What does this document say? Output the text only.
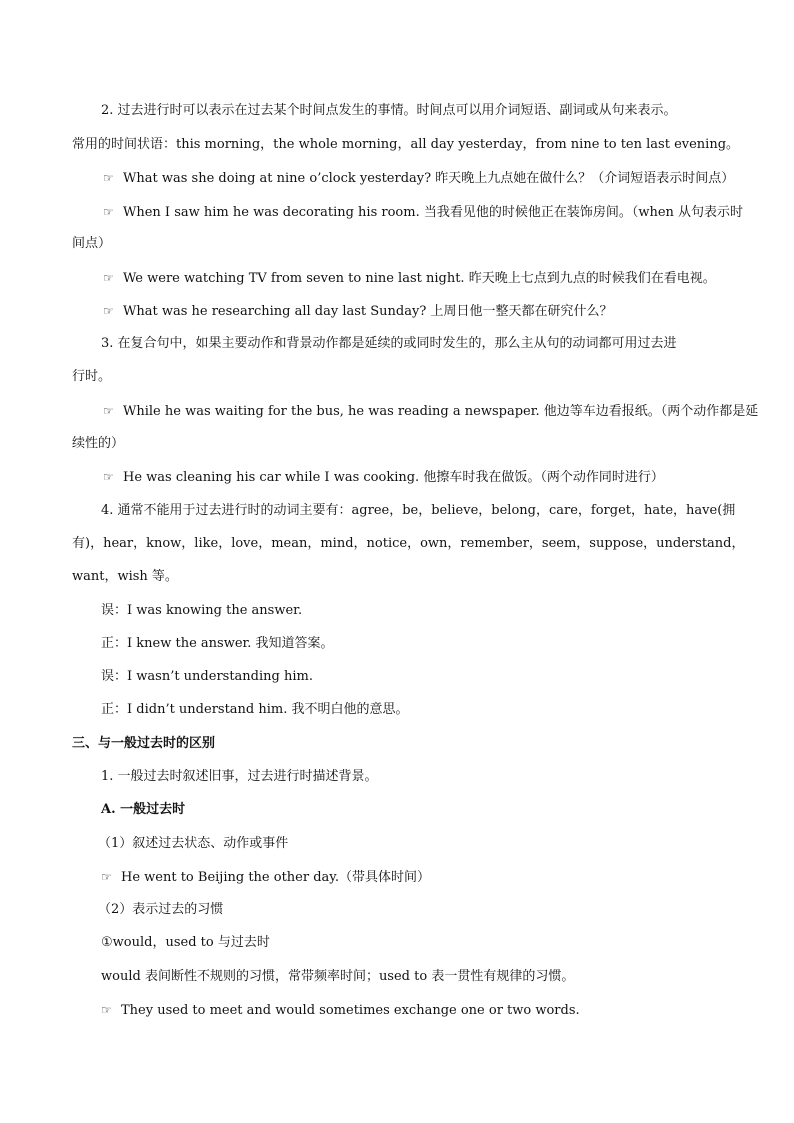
2. 过去进行时可以表示在过去某个时间点发生的事情。时间点可以用介词短语、副词或从句来表示。
常用的时间状语：this morning，the whole morning，all day yesterday，from nine to ten last evening。
☞ What was she doing at nine o’clock yesterday? 昨天晚上九点她在做什么？（介词短语表示时间点）
☞ When I saw him he was decorating his room. 当我看见他的时候他正在装饰房间。（when 从句表示时
间点）
☞ We were watching TV from seven to nine last night. 昨天晚上七点到九点的时候我们在看电视。
☞ What was he researching all day last Sunday? 上周日他一整天都在研究什么？
3. 在复合句中，如果主要动作和背景动作都是延续的或同时发生的，那么主从句的动词都可用过去进
行时。
☞ While he was waiting for the bus, he was reading a newspaper. 他边等车边看报纸。（两个动作都是延
续性的）
☞ He was cleaning his car while I was cooking. 他擦车时我在做饭。（两个动作同时进行）
4. 通常不能用于过去进行时的动词主要有：agree，be，believe，belong，care，forget，hate，have(拥
有)，hear，know，like，love，mean，mind，notice，own，remember，seem，suppose，understand，
want，wish 等。
误：I was knowing the answer.
正：I knew the answer. 我知道答案。
误：I wasn’t understanding him.
正：I didn’t understand him. 我不明白他的意思。
三、与一般过去时的区别
1. 一般过去时叙述旧事，过去进行时描述背景。
A. 一般过去时
（1）叙述过去状态、动作或事件
☞ He went to Beijing the other day.（带具体时间）
（2）表示过去的习惯
①would，used to 与过去时
would 表间断性不规则的习惯，常带频率时间；used to 表一贯性有规律的习惯。
☞ They used to meet and would sometimes exchange one or two words.
